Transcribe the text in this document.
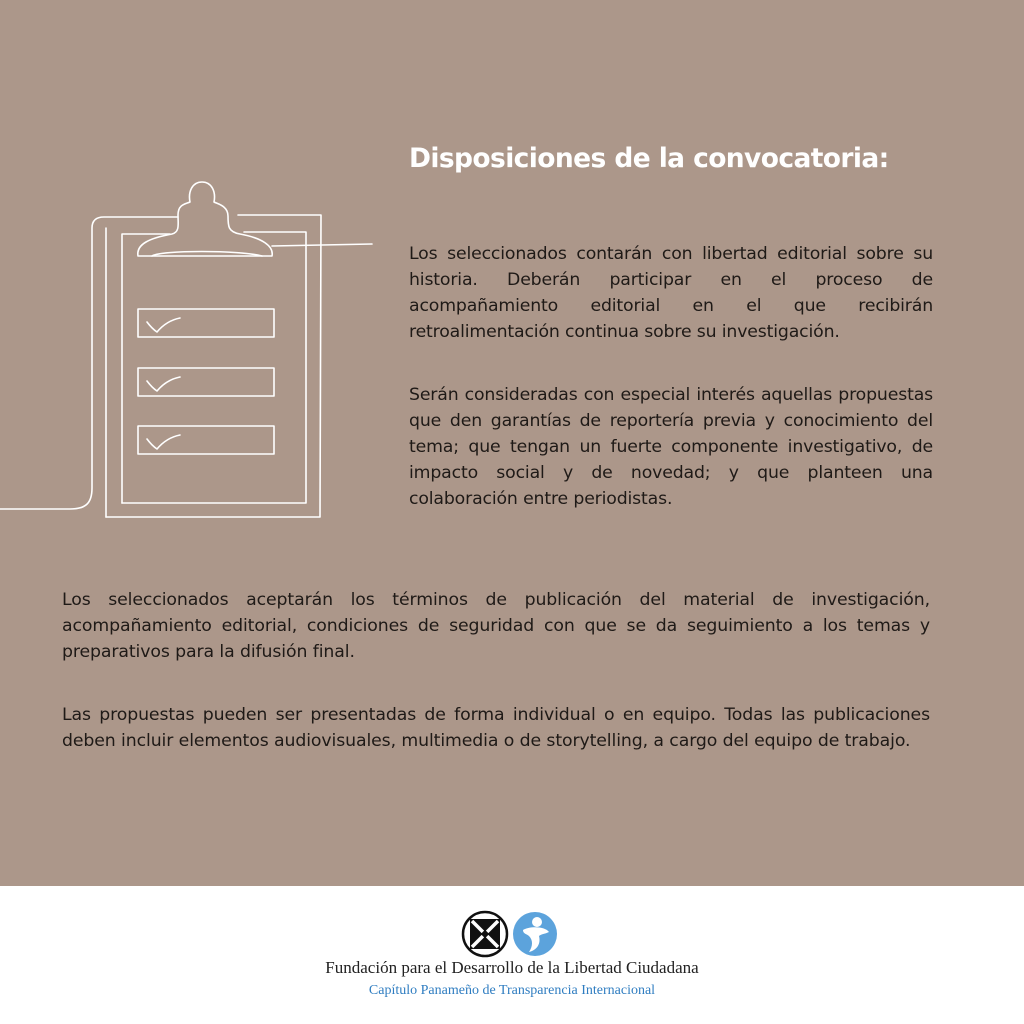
Disposiciones de la convocatoria:

Los seleccionados contarán con libertad editorial sobre su historia. Deberán participar en el proceso de acompañamiento editorial en el que recibirán retroalimentación continua sobre su investigación.

Serán consideradas con especial interés aquellas propuestas que den garantías de reportería previa y conocimiento del tema; que tengan un fuerte componente investigativo, de impacto social y de novedad; y que planteen una colaboración entre periodistas.

Los seleccionados aceptarán los términos de publicación del material de investigación, acompañamiento editorial, condiciones de seguridad con que se da seguimiento a los temas y preparativos para la difusión final.

Las propuestas pueden ser presentadas de forma individual o en equipo. Todas las publicaciones deben incluir elementos audiovisuales, multimedia o de storytelling, a cargo del equipo de trabajo.

Fundación para el Desarrollo de la Libertad Ciudadana

Capítulo Panameño de Transparencia Internacional
